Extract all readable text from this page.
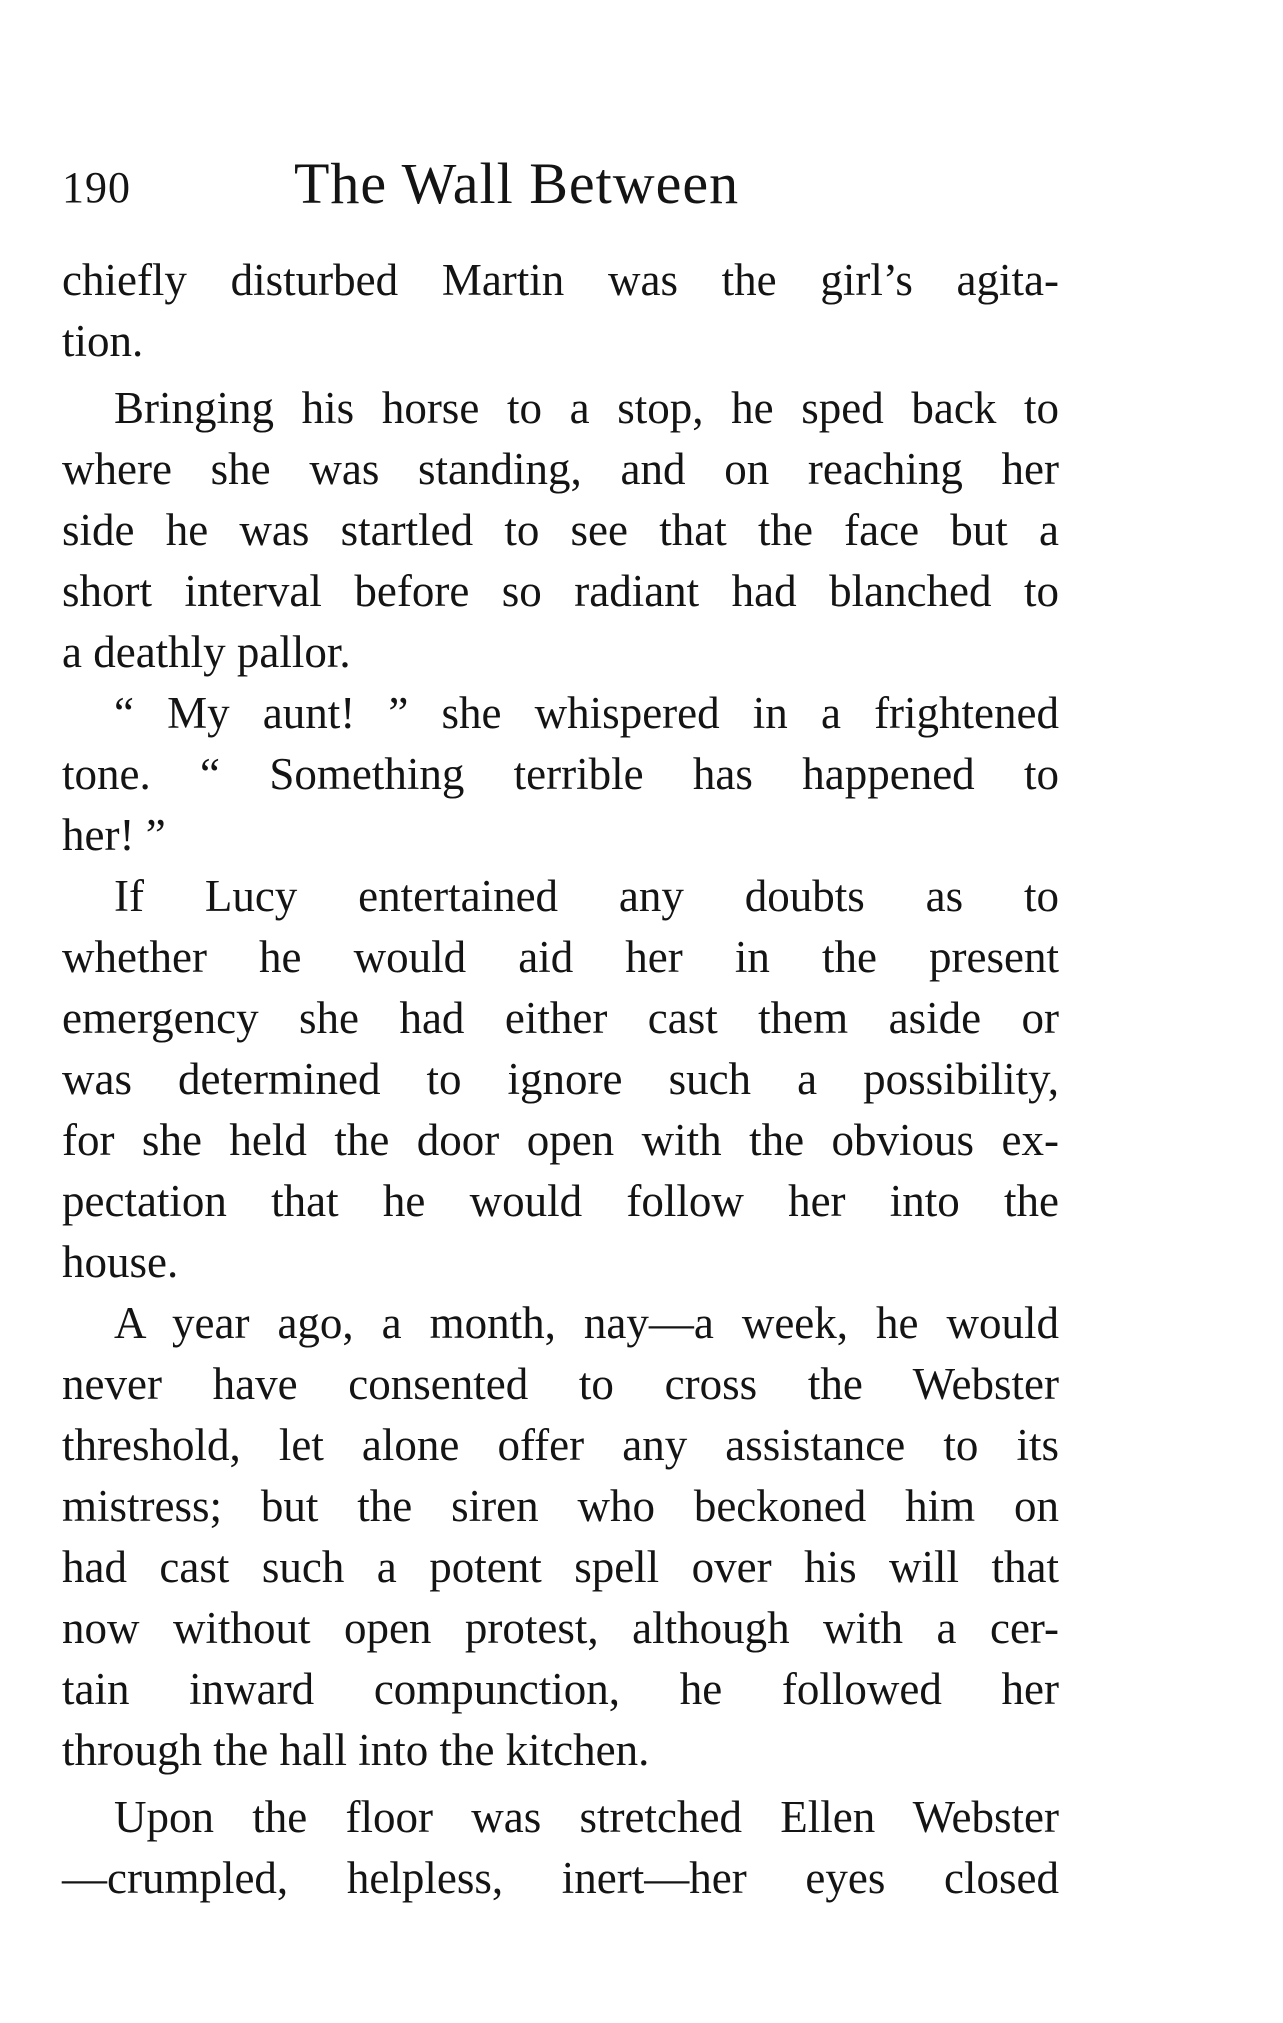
190	The Wall Between
chiefly disturbed Martin was the girl’s agita-
tion.
Bringing his horse to a stop, he sped back to
where she was standing, and on reaching her
side he was startled to see that the face but a
short interval before so radiant had blanched to
a deathly pallor.
“ My aunt! ” she whispered in a frightened
tone. “ Something terrible has happened to
her! ”
If Lucy entertained any doubts as to
whether he would aid her in the present
emergency she had either cast them aside or
was determined to ignore such a possibility,
for she held the door open with the obvious ex-
pectation that he would follow her into the
house.
A year ago, a month, nay—a week, he would
never have consented to cross the Webster
threshold, let alone offer any assistance to its
mistress; but the siren who beckoned him on
had cast such a potent spell over his will that
now without open protest, although with a cer-
tain inward compunction, he followed her
through the hall into the kitchen.
Upon the floor was stretched Ellen Webster
—crumpled, helpless, inert—her eyes closed
